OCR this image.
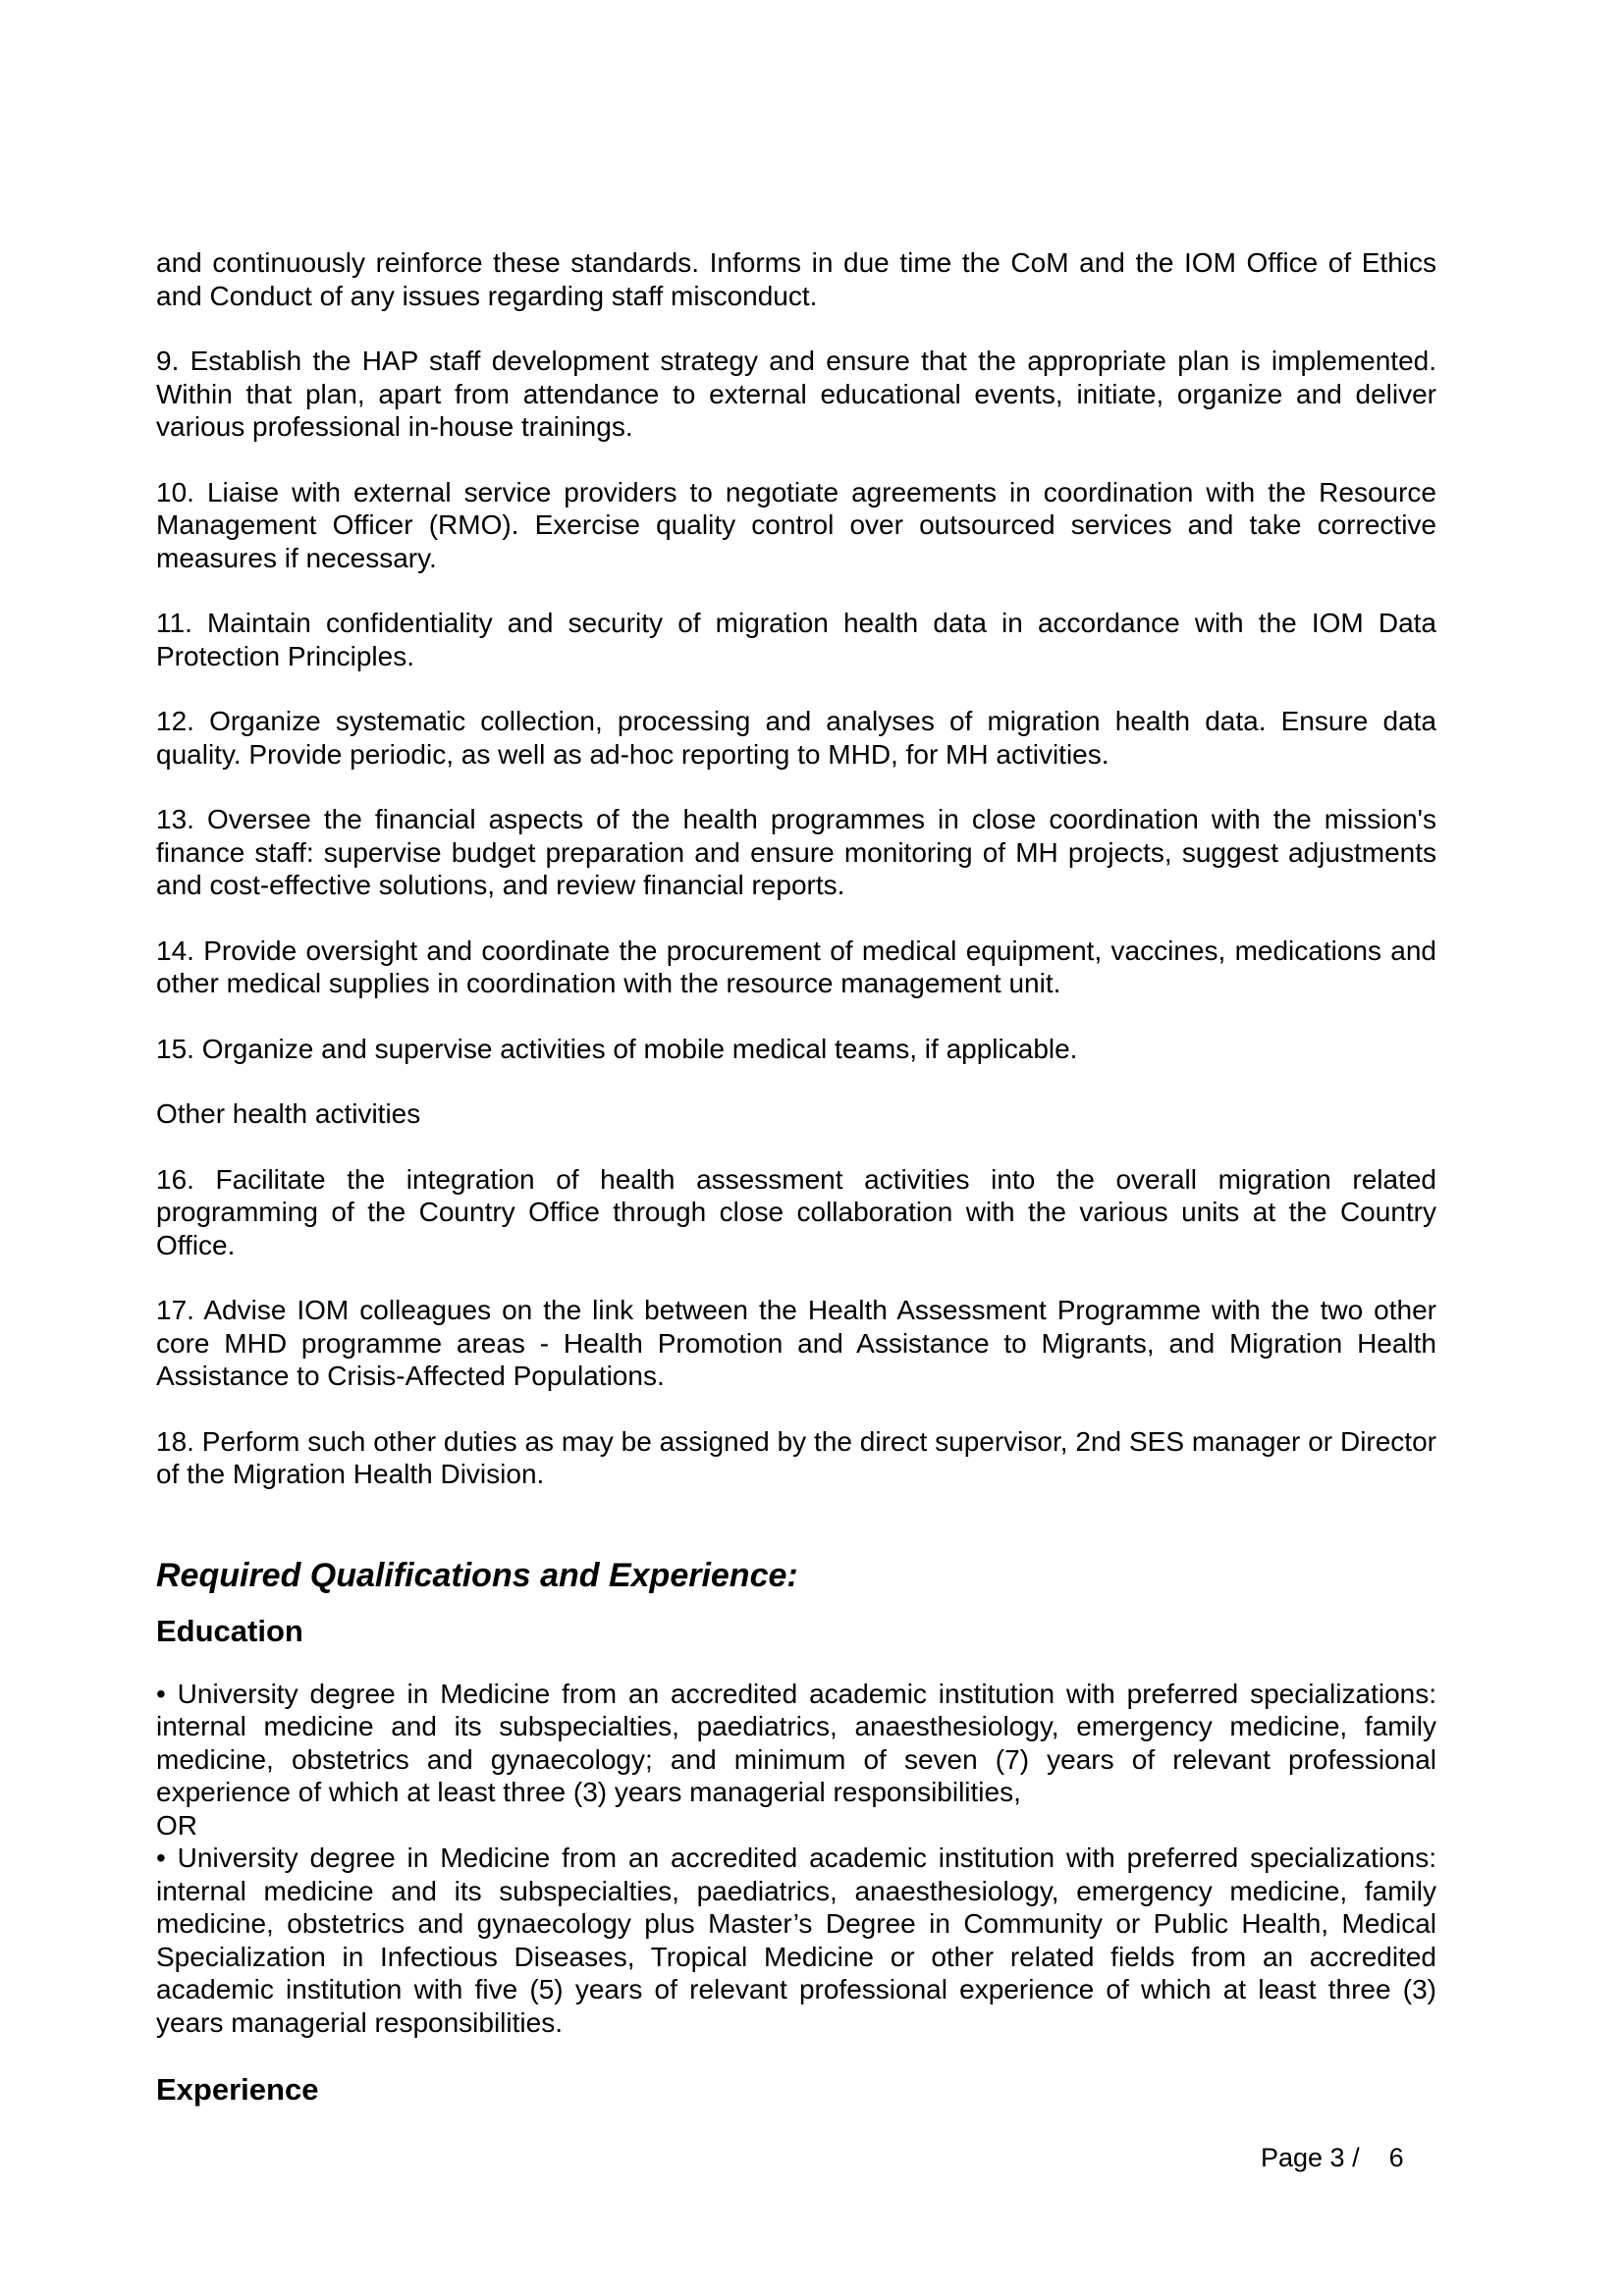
and continuously reinforce these standards. Informs in due time the CoM and the IOM Office of Ethics and Conduct of any issues regarding staff misconduct.

9. Establish the HAP staff development strategy and ensure that the appropriate plan is implemented. Within that plan, apart from attendance to external educational events, initiate, organize and deliver various professional in-house trainings.

10. Liaise with external service providers to negotiate agreements in coordination with the Resource Management Officer (RMO). Exercise quality control over outsourced services and take corrective measures if necessary.

11. Maintain confidentiality and security of migration health data in accordance with the IOM Data Protection Principles.

12. Organize systematic collection, processing and analyses of migration health data. Ensure data quality. Provide periodic, as well as ad-hoc reporting to MHD, for MH activities.

13. Oversee the financial aspects of the health programmes in close coordination with the mission's finance staff: supervise budget preparation and ensure monitoring of MH projects, suggest adjustments and cost-effective solutions, and review financial reports.

14. Provide oversight and coordinate the procurement of medical equipment, vaccines, medications and other medical supplies in coordination with the resource management unit.

15. Organize and supervise activities of mobile medical teams, if applicable.

Other health activities

16. Facilitate the integration of health assessment activities into the overall migration related programming of the Country Office through close collaboration with the various units at the Country Office.

17. Advise IOM colleagues on the link between the Health Assessment Programme with the two other core MHD programme areas - Health Promotion and Assistance to Migrants, and Migration Health Assistance to Crisis-Affected Populations.

18. Perform such other duties as may be assigned by the direct supervisor, 2nd SES manager or Director of the Migration Health Division.

Required Qualifications and Experience:
Education

• University degree in Medicine from an accredited academic institution with preferred specializations: internal medicine and its subspecialties, paediatrics, anaesthesiology, emergency medicine, family medicine, obstetrics and gynaecology; and minimum of seven (7) years of relevant professional experience of which at least three (3) years managerial responsibilities,

OR

• University degree in Medicine from an accredited academic institution with preferred specializations: internal medicine and its subspecialties, paediatrics, anaesthesiology, emergency medicine, family medicine, obstetrics and gynaecology plus Master’s Degree in Community or Public Health, Medical Specialization in Infectious Diseases, Tropical Medicine or other related fields from an accredited academic institution with five (5) years of relevant professional experience of which at least three (3) years managerial responsibilities.

Experience
Page 3 /    6
